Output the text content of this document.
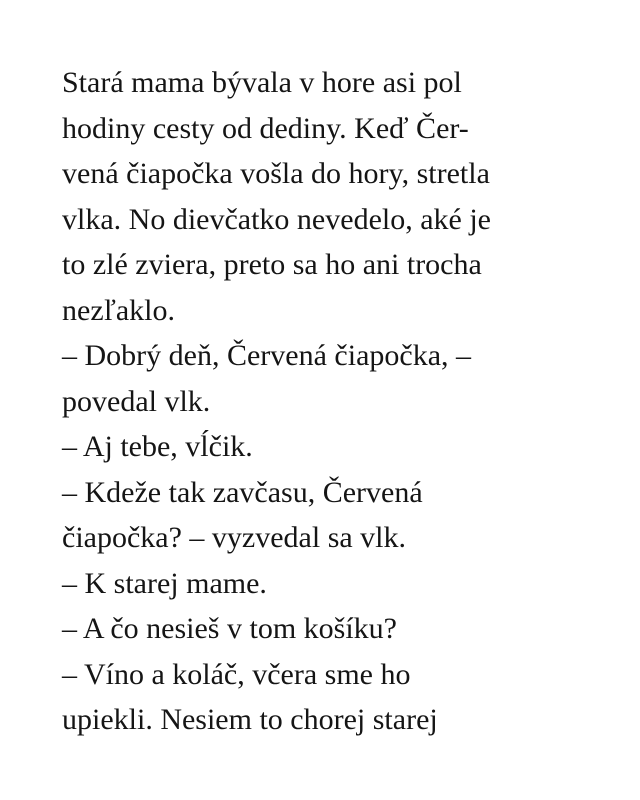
Stará mama bývala v hore asi pol
hodiny cesty od dediny. Keď Čer-
vená čiapočka vošla do hory, stretla
vlka. No dievčatko nevedelo, aké je
to zlé zviera, preto sa ho ani trocha
nezľaklo.
– Dobrý deň, Červená čiapočka, –
povedal vlk.
– Aj tebe, vĺčik.
– Kdeže tak zavčasu, Červená
čiapočka? – vyzvedal sa vlk.
– K starej mame.
– A čo nesieš v tom košíku?
– Víno a koláč, včera sme ho
upiekli. Nesiem to chorej starej
